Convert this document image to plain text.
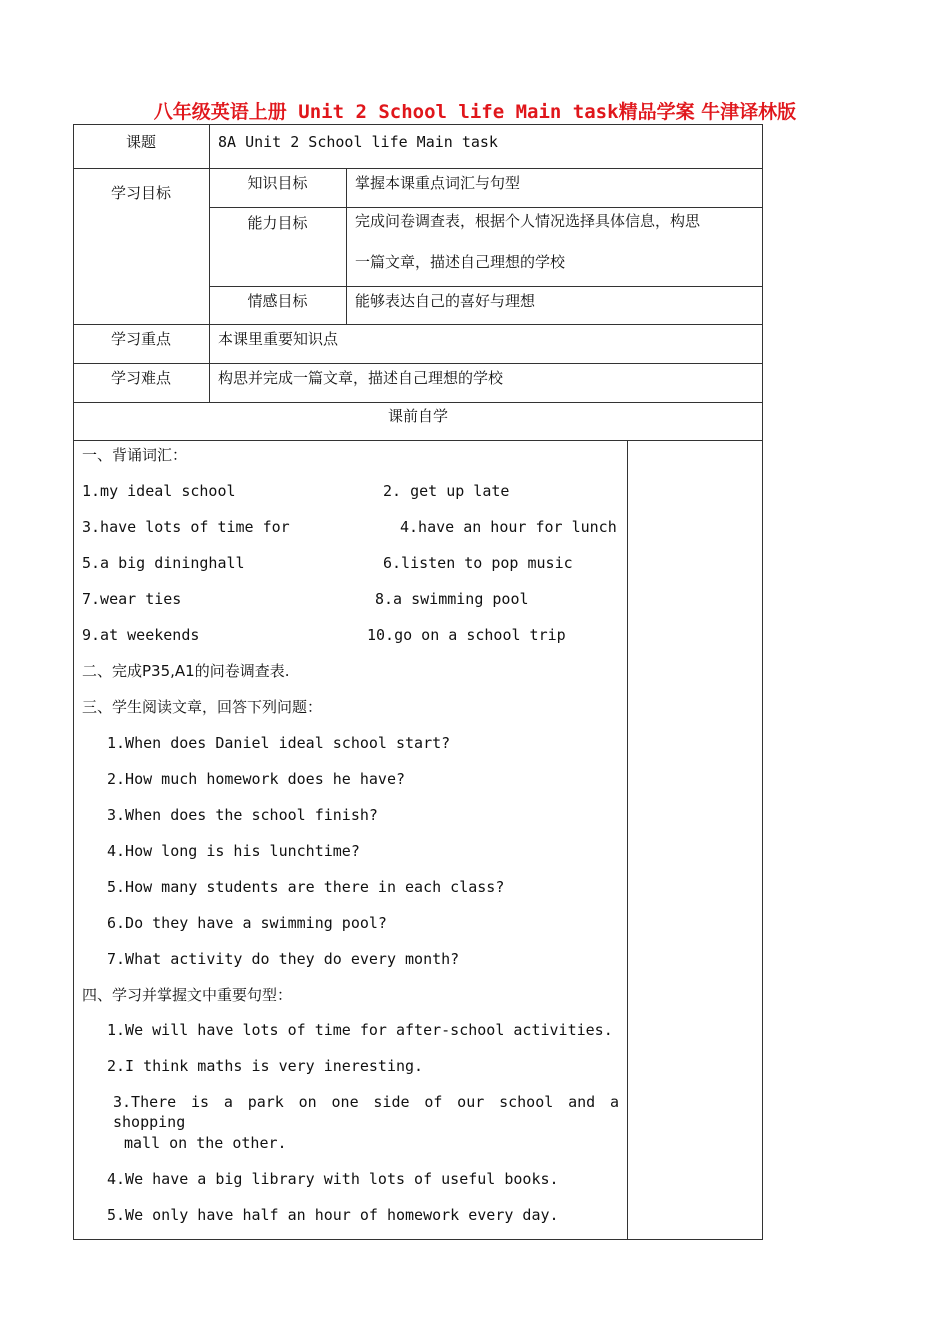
八年级英语上册 Unit 2 School life Main task精品学案 牛津译林版
课题	8A Unit 2 School life Main task
学习目标
知识目标	掌握本课重点词汇与句型
能力目标	完成问卷调查表，根据个人情况选择具体信息，构思
一篇文章，描述自己理想的学校
情感目标	能够表达自己的喜好与理想
学习重点	本课里重要知识点
学习难点	构思并完成一篇文章，描述自己理想的学校
课前自学
一、背诵词汇：
1.my ideal school	2. get up late
3.have lots of time for	4.have an hour for lunch
5.a big dininghall	6.listen to pop music
7.wear ties	8.a swimming pool
9.at weekends	10.go on a school trip
二、完成P35,A1的问卷调查表.
三、学生阅读文章，回答下列问题：
1.When does Daniel ideal school start?
2.How much homework does he have?
3.When does the school finish?
4.How long is his lunchtime?
5.How many students are there in each class?
6.Do they have a swimming pool?
7.What activity do they do every month?
四、学习并掌握文中重要句型：
1.We will have lots of time for after-school activities.
2.I think maths is very ineresting.
3.There is a park on one side of our school and a shopping
mall on the other.
4.We have a big library with lots of useful books.
5.We only have half an hour of homework every day.
